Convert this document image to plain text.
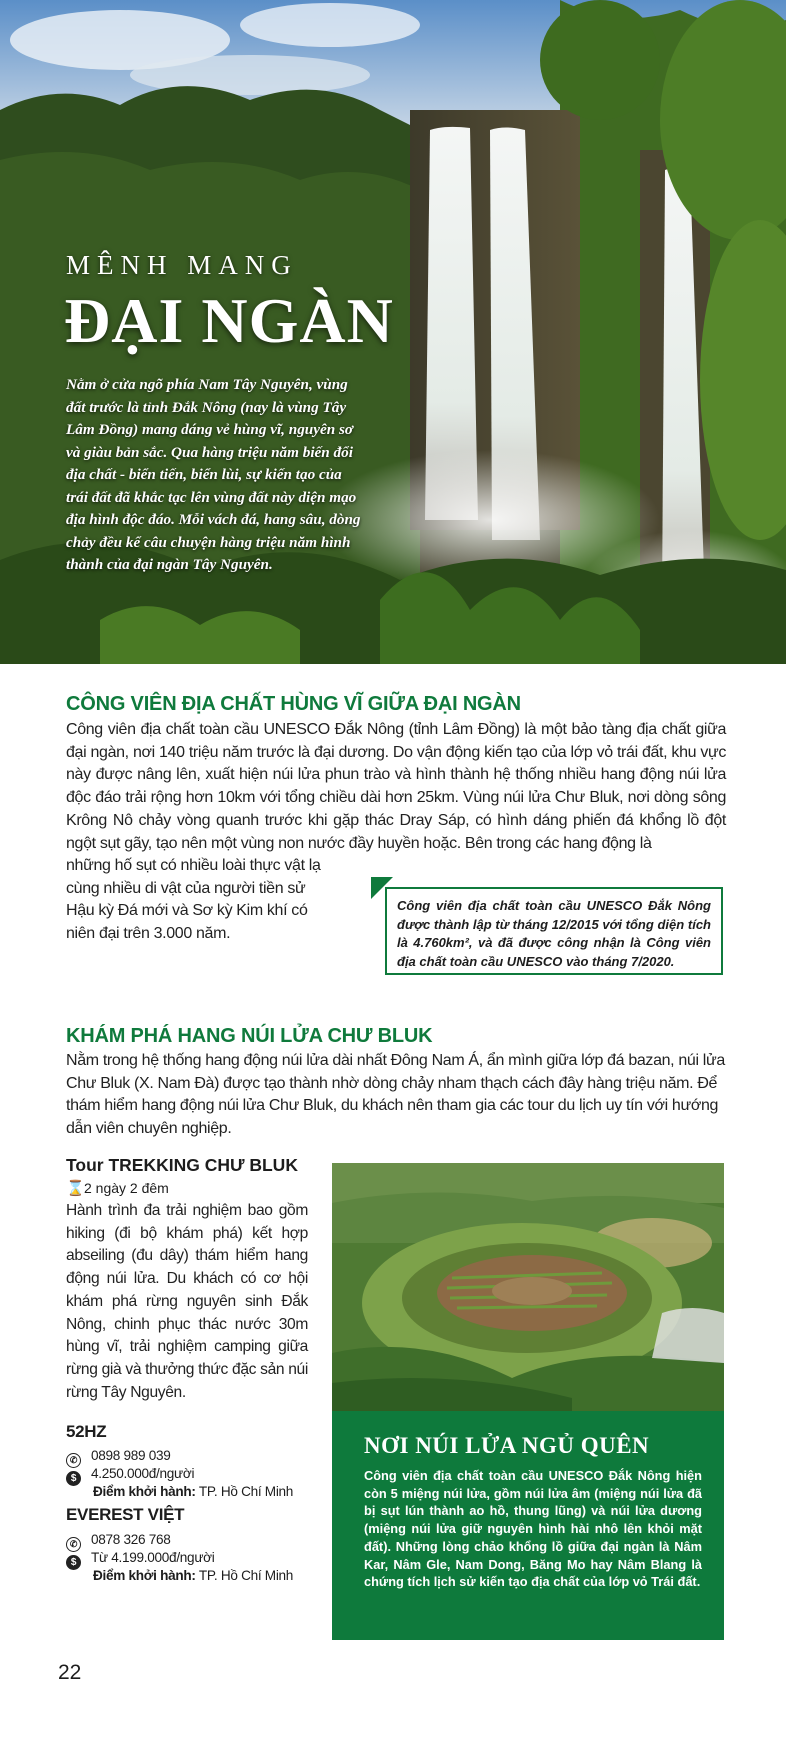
MÊNH MANG
ĐẠI NGÀN
Nằm ở cửa ngõ phía Nam Tây Nguyên, vùng đất trước là tỉnh Đắk Nông (nay là vùng Tây Lâm Đồng) mang dáng vẻ hùng vĩ, nguyên sơ và giàu bản sắc. Qua hàng triệu năm biến đổi địa chất - biển tiến, biển lùi, sự kiến tạo của trái đất đã khắc tạc lên vùng đất này diện mạo địa hình độc đáo. Mỗi vách đá, hang sâu, dòng chảy đều kể câu chuyện hàng triệu năm hình thành của đại ngàn Tây Nguyên.
CÔNG VIÊN ĐỊA CHẤT HÙNG VĨ GIỮA ĐẠI NGÀN
Công viên địa chất toàn cầu UNESCO Đắk Nông (tỉnh Lâm Đồng) là một bảo tàng địa chất giữa đại ngàn, nơi 140 triệu năm trước là đại dương. Do vận động kiến tạo của lớp vỏ trái đất, khu vực này được nâng lên, xuất hiện núi lửa phun trào và hình thành hệ thống nhiều hang động núi lửa độc đáo trải rộng hơn 10km với tổng chiều dài hơn 25km. Vùng núi lửa Chư Bluk, nơi dòng sông Krông Nô chảy vòng quanh trước khi gặp thác Dray Sáp, có hình dáng phiến đá khổng lồ đột ngột sụt gãy, tạo nên một vùng non nước đầy huyền hoặc. Bên trong các hang động là
những hố sụt có nhiều loài thực vật lạ cùng nhiều di vật của người tiền sử Hậu kỳ Đá mới và Sơ kỳ Kim khí có niên đại trên 3.000 năm.
Công viên địa chất toàn cầu UNESCO Đắk Nông được thành lập từ tháng 12/2015 với tổng diện tích là 4.760km², và đã được công nhận là Công viên địa chất toàn cầu UNESCO vào tháng 7/2020.
KHÁM PHÁ HANG NÚI LỬA CHƯ BLUK
Nằm trong hệ thống hang động núi lửa dài nhất Đông Nam Á, ẩn mình giữa lớp đá bazan, núi lửa Chư Bluk (X. Nam Đà) được tạo thành nhờ dòng chảy nham thạch cách đây hàng triệu năm. Để thám hiểm hang động núi lửa Chư Bluk, du khách nên tham gia các tour du lịch uy tín với hướng dẫn viên chuyên nghiệp.
Tour TREKKING CHƯ BLUK
⌛2 ngày 2 đêm
Hành trình đa trải nghiệm bao gồm hiking (đi bộ khám phá) kết hợp abseiling (đu dây) thám hiểm hang động núi lửa. Du khách có cơ hội khám phá rừng nguyên sinh Đắk Nông, chinh phục thác nước 30m hùng vĩ, trải nghiệm camping giữa rừng già và thưởng thức đặc sản núi rừng Tây Nguyên.
52HZ
✆ 0898 989 039
$ 4.250.000đ/người
Điểm khởi hành: TP. Hồ Chí Minh
EVEREST VIỆT
✆ 0878 326 768
$ Từ 4.199.000đ/người
Điểm khởi hành: TP. Hồ Chí Minh
NƠI NÚI LỬA NGỦ QUÊN
Công viên địa chất toàn cầu UNESCO Đắk Nông hiện còn 5 miệng núi lửa, gồm núi lửa âm (miệng núi lửa đã bị sụt lún thành ao hồ, thung lũng) và núi lửa dương (miệng núi lửa giữ nguyên hình hài nhô lên khỏi mặt đất). Những lòng chảo khổng lồ giữa đại ngàn là Nâm Kar, Nâm Gle, Nam Dong, Băng Mo hay Nâm Blang là chứng tích lịch sử kiến tạo địa chất của lớp vỏ Trái đất.
22
